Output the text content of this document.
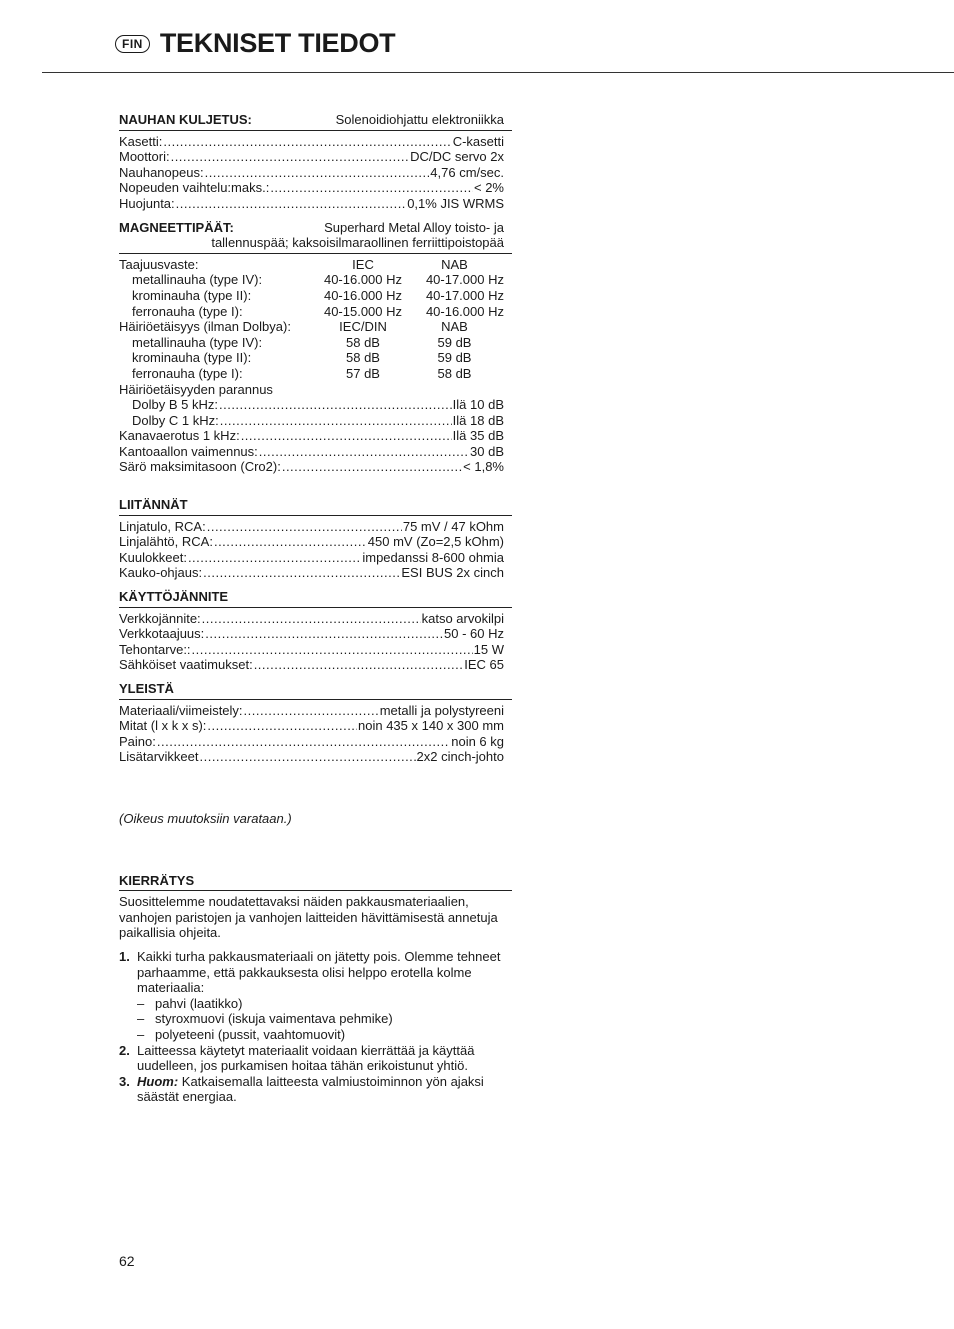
FIN TEKNISET TIEDOT
NAUHAN KULJETUS:	Solenoidiohjattu elektroniikka
Kasetti: .....	C-kasetti
Moottori: .....	DC/DC servo 2x
Nauhanopeus: .....	4,76 cm/sec.
Nopeuden vaihtelu:maks.: .....	< 2%
Huojunta: .....	0,1% JIS WRMS
MAGNEETTIPÄÄT:	Superhard Metal Alloy toisto- ja
tallennuspää; kaksoisilmaraollinen ferriittipoistopää
Taajuusvaste:	IEC	NAB
metallinauha (type IV):	40-16.000 Hz	40-17.000 Hz
krominauha (type II):	40-16.000 Hz	40-17.000 Hz
ferronauha (type I):	40-15.000 Hz	40-16.000 Hz
Häiriöetäisyys (ilman Dolbya):	IEC/DIN	NAB
metallinauha (type IV):	58 dB	59 dB
krominauha (type II):	58 dB	59 dB
ferronauha (type I):	57 dB	58 dB
Häiriöetäisyyden parannus
Dolby B 5 kHz: .....	Ilä 10 dB
Dolby C 1 kHz: .....	Ilä 18 dB
Kanavaerotus 1 kHz: .....	Ilä 35 dB
Kantoaallon vaimennus: .....	30 dB
Särö maksimitasoon (Cro2): .....	< 1,8%
LIITÄNNÄT
Linjatulo, RCA: .....	75 mV / 47 kOhm
Linjalähtö, RCA: .....	450 mV (Zo=2,5 kOhm)
Kuulokkeet: .....	impedanssi 8-600 ohmia
Kauko-ohjaus: .....	ESI BUS 2x cinch
KÄYTTÖJÄNNITE
Verkkojännite: .....	katso arvokilpi
Verkkotaajuus: .....	50 - 60 Hz
Tehontarve:: .....	15 W
Sähköiset vaatimukset: .....	IEC 65
YLEISTÄ
Materiaali/viimeistely: .....	metalli ja polystyreeni
Mitat (l x k x s): .....	noin 435 x 140 x 300 mm
Paino: .....	noin 6 kg
Lisätarvikkeet .....	2x2 cinch-johto
(Oikeus muutoksiin varataan.)
KIERRÄTYS
Suosittelemme noudatettavaksi näiden pakkausmateriaalien, vanhojen paristojen ja vanhojen laitteiden hävittämisestä annetuja paikallisia ohjeita.
1. Kaikki turha pakkausmateriaali on jätetty pois. Olemme tehneet parhaamme, että pakkauksesta olisi helppo erotella kolme materiaalia:
– pahvi (laatikko)
– styroxmuovi (iskuja vaimentava pehmike)
– polyeteeni (pussit, vaahtomuovit)
2. Laitteessa käytetyt materiaalit voidaan kierrättää ja käyttää uudelleen, jos purkamisen hoitaa tähän erikoistunut yhtiö.
3. Huom: Katkaisemalla laitteesta valmiustoiminnon yön ajaksi säästät energiaa.
62
